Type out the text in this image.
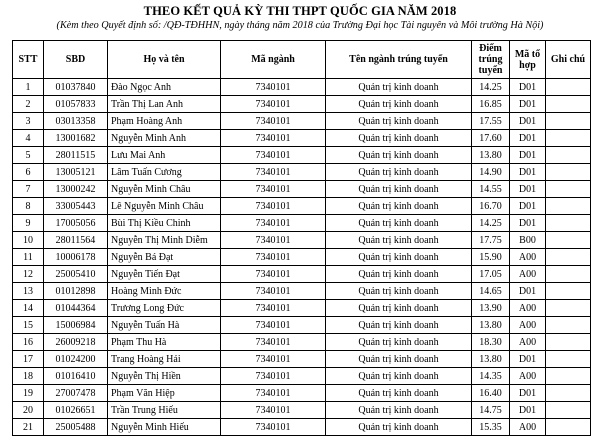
THEO KẾT QUẢ KỲ THI THPT QUỐC GIA NĂM 2018
(Kèm theo Quyết định số: /QĐ-TĐHHN, ngày tháng năm 2018 của Trường Đại học Tài nguyên và Môi trường Hà Nội)
STT	SBD	Họ và tên	Mã ngành	Tên ngành trúng tuyển	Điểm trúng tuyển	Mã tổ hợp	Ghi chú
1	01037840	Đào Ngọc Anh	7340101	Quản trị kinh doanh	14.25	D01	
2	01057833	Trần Thị Lan Anh	7340101	Quản trị kinh doanh	16.85	D01	
3	03013358	Phạm Hoàng Anh	7340101	Quản trị kinh doanh	17.55	D01	
4	13001682	Nguyễn Minh Anh	7340101	Quản trị kinh doanh	17.60	D01	
5	28011515	Lưu Mai Anh	7340101	Quản trị kinh doanh	13.80	D01	
6	13005121	Lâm Tuấn Cương	7340101	Quản trị kinh doanh	14.90	D01	
7	13000242	Nguyễn Minh Châu	7340101	Quản trị kinh doanh	14.55	D01	
8	33005443	Lê Nguyễn Minh Châu	7340101	Quản trị kinh doanh	16.70	D01	
9	17005056	Bùi Thị Kiều Chinh	7340101	Quản trị kinh doanh	14.25	D01	
10	28011564	Nguyễn Thị Minh Diễm	7340101	Quản trị kinh doanh	17.75	B00	
11	10006178	Nguyễn Bá Đạt	7340101	Quản trị kinh doanh	15.90	A00	
12	25005410	Nguyễn Tiến Đạt	7340101	Quản trị kinh doanh	17.05	A00	
13	01012898	Hoàng Minh Đức	7340101	Quản trị kinh doanh	14.65	D01	
14	01044364	Trương Long Đức	7340101	Quản trị kinh doanh	13.90	A00	
15	15006984	Nguyễn Tuấn Hà	7340101	Quản trị kinh doanh	13.80	A00	
16	26009218	Phạm Thu Hà	7340101	Quản trị kinh doanh	18.30	A00	
17	01024200	Trang Hoàng Hải	7340101	Quản trị kinh doanh	13.80	D01	
18	01016410	Nguyễn Thị Hiền	7340101	Quản trị kinh doanh	14.35	A00	
19	27007478	Phạm Văn Hiệp	7340101	Quản trị kinh doanh	16.40	D01	
20	01026651	Trần Trung Hiếu	7340101	Quản trị kinh doanh	14.75	D01	
21	25005488	Nguyễn Minh Hiếu	7340101	Quản trị kinh doanh	15.35	A00	
